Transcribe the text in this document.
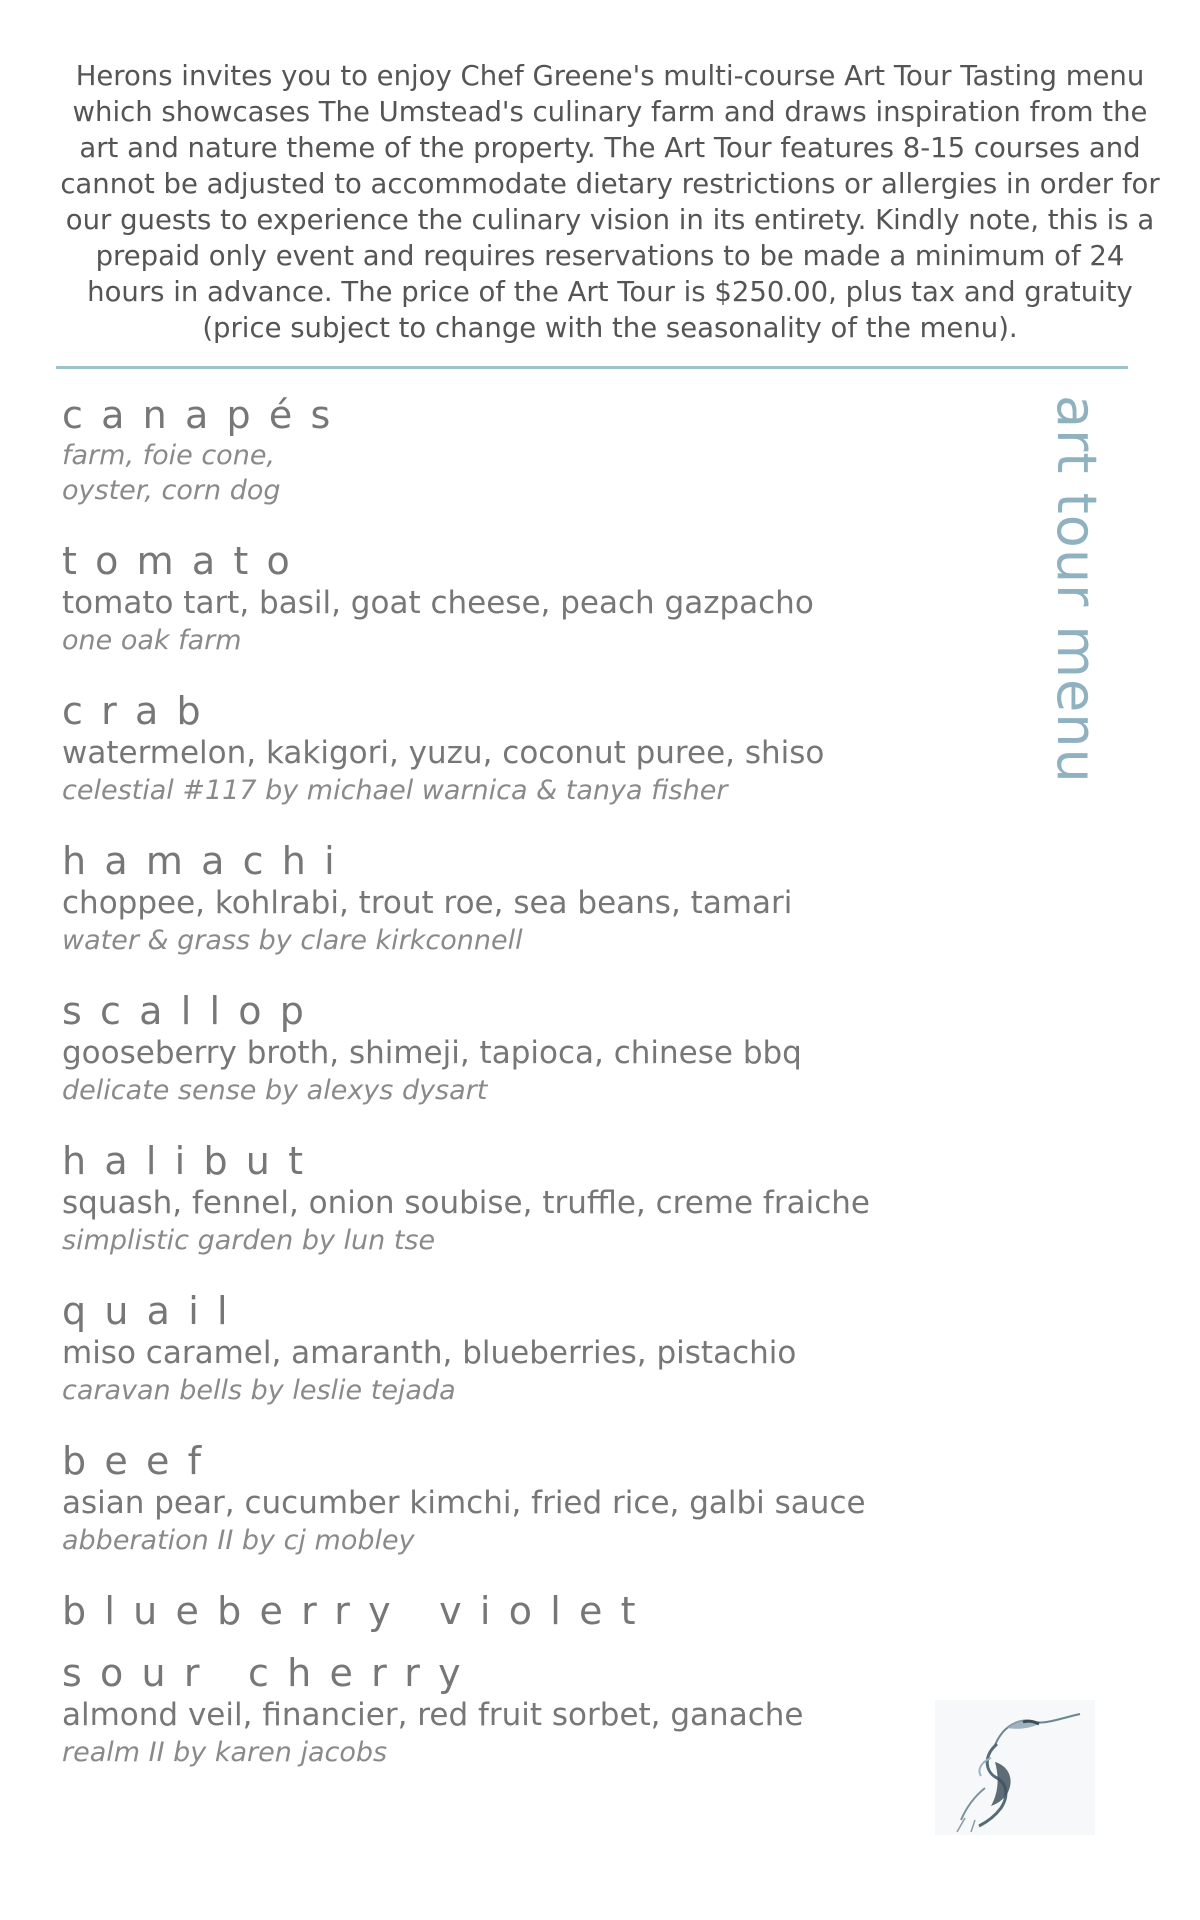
Herons invites you to enjoy Chef Greene's multi-course Art Tour Tasting menu which showcases The Umstead's culinary farm and draws inspiration from the art and nature theme of the property. The Art Tour features 8-15 courses and cannot be adjusted to accommodate dietary restrictions or allergies in order for our guests to experience the culinary vision in its entirety. Kindly note, this is a prepaid only event and requires reservations to be made a minimum of 24 hours in advance. The price of the Art Tour is $250.00, plus tax and gratuity (price subject to change with the seasonality of the menu).
art tour menu
canapés
farm, foie cone,
oyster, corn dog
tomato
tomato tart, basil, goat cheese, peach gazpacho
one oak farm
crab
watermelon, kakigori, yuzu, coconut puree, shiso
celestial #117 by michael warnica & tanya fisher
hamachi
choppee, kohlrabi, trout roe, sea beans, tamari
water & grass by clare kirkconnell
scallop
gooseberry broth, shimeji, tapioca, chinese bbq
delicate sense by alexys dysart
halibut
squash, fennel, onion soubise, truffle, creme fraiche
simplistic garden by lun tse
quail
miso caramel, amaranth, blueberries, pistachio
caravan bells by leslie tejada
beef
asian pear, cucumber kimchi, fried rice, galbi sauce
abberation II by cj mobley
blueberry violet
sour cherry
almond veil, financier, red fruit sorbet, ganache
realm II by karen jacobs
